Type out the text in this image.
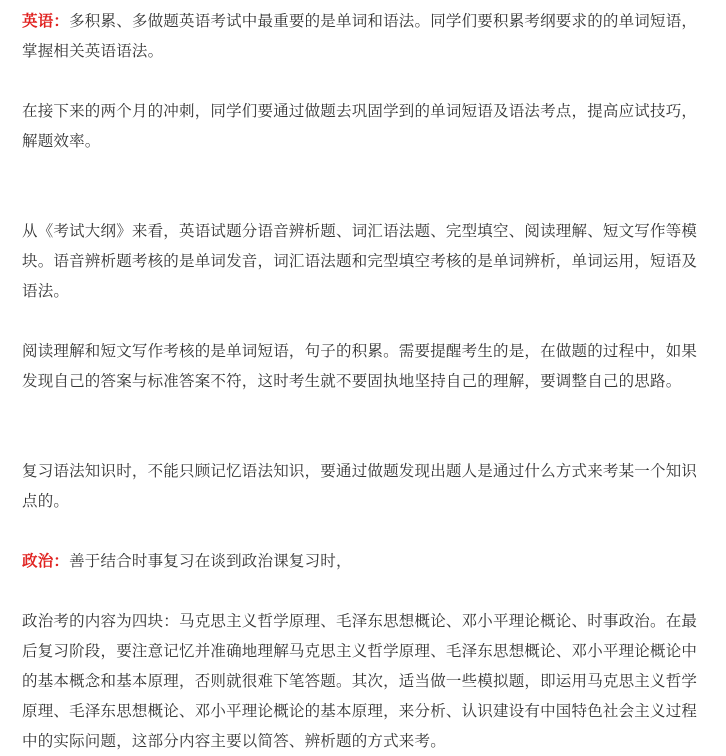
英语：多积累、多做题英语考试中最重要的是单词和语法。同学们要积累考纲要求的的单词短语，掌握相关英语语法。

在接下来的两个月的冲刺，同学们要通过做题去巩固学到的单词短语及语法考点，提高应试技巧，解题效率。

从《考试大纲》来看，英语试题分语音辨析题、词汇语法题、完型填空、阅读理解、短文写作等模块。语音辨析题考核的是单词发音，词汇语法题和完型填空考核的是单词辨析，单词运用，短语及语法。

阅读理解和短文写作考核的是单词短语，句子的积累。需要提醒考生的是，在做题的过程中，如果发现自己的答案与标准答案不符，这时考生就不要固执地坚持自己的理解，要调整自己的思路。

复习语法知识时，不能只顾记忆语法知识，要通过做题发现出题人是通过什么方式来考某一个知识点的。

政治：善于结合时事复习在谈到政治课复习时，

政治考的内容为四块：马克思主义哲学原理、毛泽东思想概论、邓小平理论概论、时事政治。在最后复习阶段，要注意记忆并准确地理解马克思主义哲学原理、毛泽东思想概论、邓小平理论概论中的基本概念和基本原理，否则就很难下笔答题。其次，适当做一些模拟题，即运用马克思主义哲学原理、毛泽东思想概论、邓小平理论概论的基本原理，来分析、认识建设有中国特色社会主义过程中的实际问题，这部分内容主要以简答、辨析题的方式来考。
